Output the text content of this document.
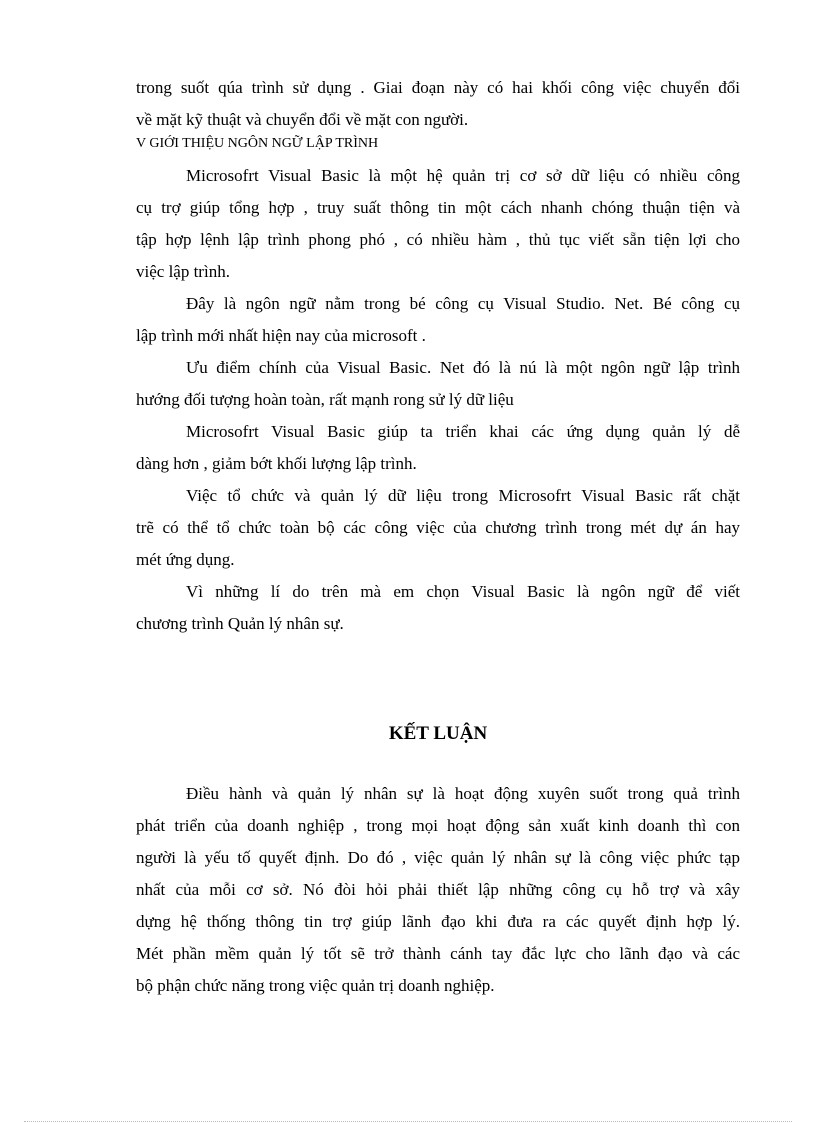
trong suốt qúa trình sử dụng . Giai đoạn này có hai khối công việc chuyển đổi
về mặt kỹ thuật và chuyển đổi về mặt con người.
V GIỚI THIỆU NGÔN NGỮ LẬP TRÌNH
Microsofrt Visual Basic là một hệ quản trị cơ sở dữ liệu có nhiều công
cụ trợ giúp tổng hợp , truy suất thông tin một cách nhanh chóng thuận tiện và
tập hợp lệnh lập trình phong phó , có nhiều hàm , thủ tục viết sẵn tiện lợi cho
việc lập trình.
Đây là ngôn ngữ nằm trong bé công cụ Visual Studio. Net. Bé công cụ
lập trình mới nhất hiện nay của microsoft .
Ưu điểm chính của Visual Basic. Net đó là nú là một ngôn ngữ lập trình
hướng đối tượng hoàn toàn, rất mạnh rong sử lý dữ liệu
Microsofrt Visual Basic giúp ta triển khai các ứng dụng quản lý dễ
dàng hơn , giảm bớt khối lượng lập trình.
Việc tổ chức và quản lý dữ liệu trong Microsofrt Visual Basic rất chặt
trẽ có thể tổ chức toàn bộ các công việc của chương trình trong mét dự án hay
mét ứng dụng.
Vì những lí do trên mà em chọn Visual Basic là ngôn ngữ để viết
chương trình Quản lý nhân sự.
KẾT LUẬN
Điều hành và quản lý nhân sự là hoạt động xuyên suốt trong quả trình
phát triển của doanh nghiệp , trong mọi hoạt động sản xuất kinh doanh thì con
người là yếu tố quyết định. Do đó , việc quản lý nhân sự là công việc phức tạp
nhất của mỗi cơ sở. Nó đòi hỏi phải thiết lập những công cụ hỗ trợ và xây
dựng hệ thống thông tin trợ giúp lãnh đạo khi đưa ra các quyết định hợp lý.
Mét phần mềm quản lý tốt sẽ trở thành cánh tay đắc lực cho lãnh đạo và các
bộ phận chức năng trong việc quản trị doanh nghiệp.
